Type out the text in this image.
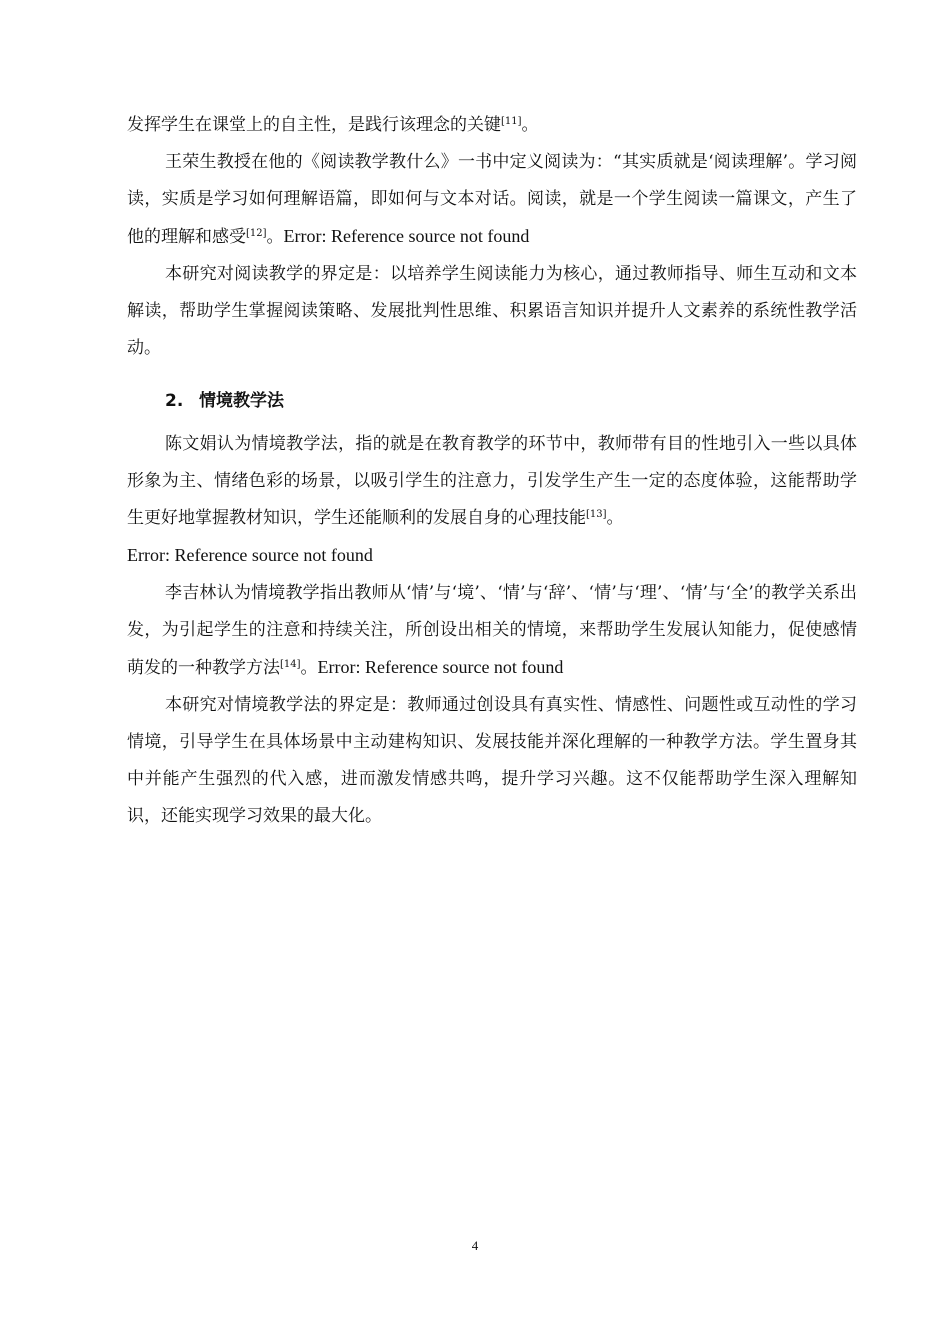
发挥学生在课堂上的自主性，是践行该理念的关键[11]。

王荣生教授在他的《阅读教学教什么》一书中定义阅读为：“其实质就是‘阅读理解’。学习阅读，实质是学习如何理解语篇，即如何与文本对话。阅读，就是一个学生阅读一篇课文，产生了他的理解和感受[12]。Error: Reference source not found

本研究对阅读教学的界定是：以培养学生阅读能力为核心，通过教师指导、师生互动和文本解读，帮助学生掌握阅读策略、发展批判性思维、积累语言知识并提升人文素养的系统性教学活动。

2. 情境教学法

陈文娟认为情境教学法，指的就是在教育教学的环节中，教师带有目的性地引入一些以具体形象为主、情绪色彩的场景，以吸引学生的注意力，引发学生产生一定的态度体验，这能帮助学生更好地掌握教材知识，学生还能顺利的发展自身的心理技能[13]。
Error: Reference source not found

李吉林认为情境教学指出教师从‘情’与‘境’、‘情’与‘辞’、‘情’与‘理’、‘情’与‘全’的教学关系出发，为引起学生的注意和持续关注，所创设出相关的情境，来帮助学生发展认知能力，促使感情萌发的一种教学方法[14]。Error: Reference source not found

本研究对情境教学法的界定是：教师通过创设具有真实性、情感性、问题性或互动性的学习情境，引导学生在具体场景中主动建构知识、发展技能并深化理解的一种教学方法。学生置身其中并能产生强烈的代入感，进而激发情感共鸣，提升学习兴趣。这不仅能帮助学生深入理解知识，还能实现学习效果的最大化。

4
